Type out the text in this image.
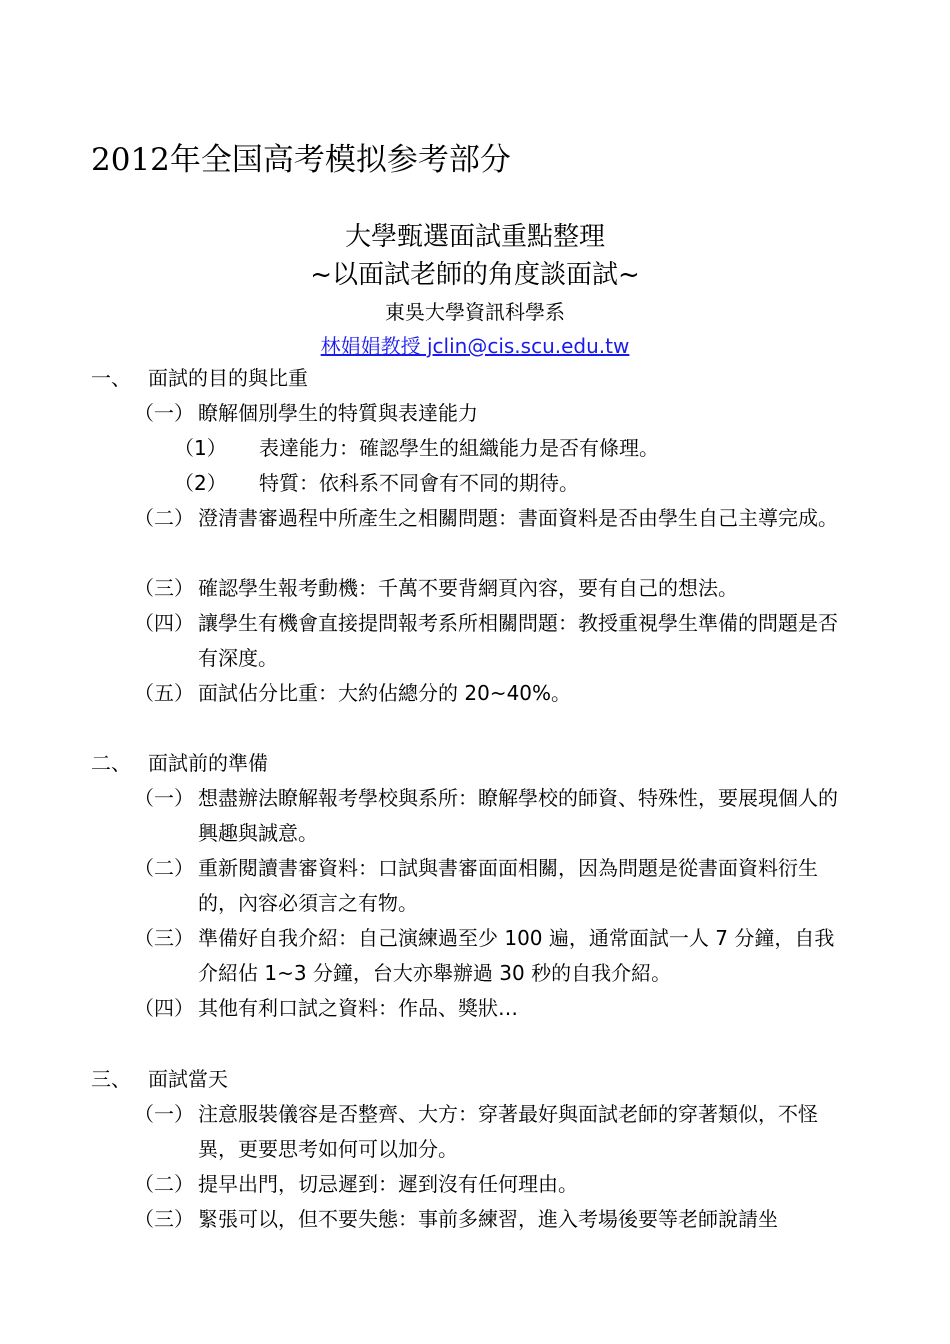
2012年全国高考模拟参考部分
大學甄選面試重點整理
~以面試老師的角度談面試~
東吳大學資訊科學系
林娟娟教授 jclin@cis.scu.edu.tw
一、 面試的目的與比重
（一） 瞭解個別學生的特質與表達能力
（1） 表達能力：確認學生的組織能力是否有條理。
（2） 特質：依科系不同會有不同的期待。
（二） 澄清書審過程中所產生之相關問題：書面資料是否由學生自己主導完成。
（三） 確認學生報考動機：千萬不要背網頁內容，要有自己的想法。
（四） 讓學生有機會直接提問報考系所相關問題：教授重視學生準備的問題是否有深度。
（五） 面試佔分比重：大約佔總分的 20~40%。
二、 面試前的準備
（一） 想盡辦法瞭解報考學校與系所：瞭解學校的師資、特殊性，要展現個人的興趣與誠意。
（二） 重新閱讀書審資料：口試與書審面面相關，因為問題是從書面資料衍生的，內容必須言之有物。
（三） 準備好自我介紹：自己演練過至少 100 遍，通常面試一人 7 分鐘，自我介紹佔 1~3 分鐘，台大亦舉辦過 30 秒的自我介紹。
（四） 其他有利口試之資料：作品、獎狀…
三、 面試當天
（一） 注意服裝儀容是否整齊、大方：穿著最好與面試老師的穿著類似，不怪異，更要思考如何可以加分。
（二） 提早出門，切忌遲到：遲到沒有任何理由。
（三） 緊張可以，但不要失態：事前多練習，進入考場後要等老師說請坐
